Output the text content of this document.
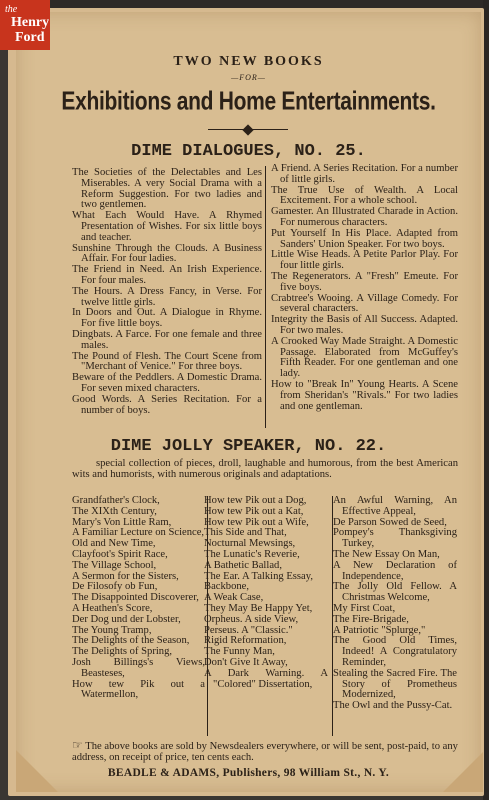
TWO NEW BOOKS
—FOR—
Exhibitions and Home Entertainments.
DIME DIALOGUES, NO. 25.
The Societies of the Delectables and Les Miserables. A very Social Drama with a Reform Suggestion. For two ladies and two gentlemen.
What Each Would Have. A Rhymed Presentation of Wishes. For six little boys and teacher.
Sunshine Through the Clouds. A Business Affair. For four ladies.
The Friend in Need. An Irish Experience. For four males.
The Hours. A Dress Fancy, in Verse. For twelve little girls.
In Doors and Out. A Dialogue in Rhyme. For five little boys.
Dingbats. A Farce. For one female and three males.
The Pound of Flesh. The Court Scene from "Merchant of Venice." For three boys.
Beware of the Peddlers. A Domestic Drama. For seven mixed characters.
Good Words. A Series Recitation. For a number of boys.
A Friend. A Series Recitation. For a number of little girls.
The True Use of Wealth. A Local Excitement. For a whole school.
Gamester. An Illustrated Charade in Action. For numerous characters.
Put Yourself In His Place. Adapted from Sanders' Union Speaker. For two boys.
Little Wise Heads. A Petite Parlor Play. For four little girls.
The Regenerators. A "Fresh" Emeute. For five boys.
Crabtree's Wooing. A Village Comedy. For several characters.
Integrity the Basis of All Success. Adapted. For two males.
A Crooked Way Made Straight. A Domestic Passage. Elaborated from McGuffey's Fifth Reader. For one gentleman and one lady.
How to "Break In" Young Hearts. A Scene from Sheridan's "Rivals." For two ladies and one gentleman.
DIME JOLLY SPEAKER, NO. 22.
special collection of pieces, droll, laughable and humorous, from the best American wits and humorists, with numerous originals and adaptations.
Grandfather's Clock,
The XIXth Century,
Mary's Von Little Ram,
A Familiar Lecture on Science,
Old and New Time,
Clayfoot's Spirit Race,
The Village School,
A Sermon for the Sisters,
De Filosofy ob Fun,
The Disappointed Discoverer,
A Heathen's Score,
Der Dog und der Lobster,
The Young Tramp,
The Delights of the Season,
The Delights of Spring,
Josh Billings's Views, Beasteses,
How tew Pik out a Watermellon,
How tew Pik out a Dog,
How tew Pik out a Kat,
How tew Pik out a Wife,
This Side and That,
Nocturnal Mewsings,
The Lunatic's Reverie,
A Bathetic Ballad,
The Ear. A Talking Essay,
Backbone,
A Weak Case,
They May Be Happy Yet,
Orpheus. A side View,
Perseus. A "Classic."
Rigid Reformation,
The Funny Man,
Don't Give It Away,
A Dark Warning. A "Colored" Dissertation,
An Awful Warning, An Effective Appeal,
De Parson Sowed de Seed,
Pompey's Thanksgiving Turkey,
The New Essay On Man,
A New Declaration of Independence,
The Jolly Old Fellow. A Christmas Welcome,
My First Coat,
The Fire-Brigade,
A Patriotic "Splurge,"
The Good Old Times, Indeed! A Congratulatory Reminder,
Stealing the Sacred Fire. The Story of Prometheus Modernized,
The Owl and the Pussy-Cat.
☞ The above books are sold by Newsdealers everywhere, or will be sent, post-paid, to any address, on receipt of price, ten cents each.
BEADLE & ADAMS, Publishers, 98 William St., N. Y.
the
Henry
Ford
